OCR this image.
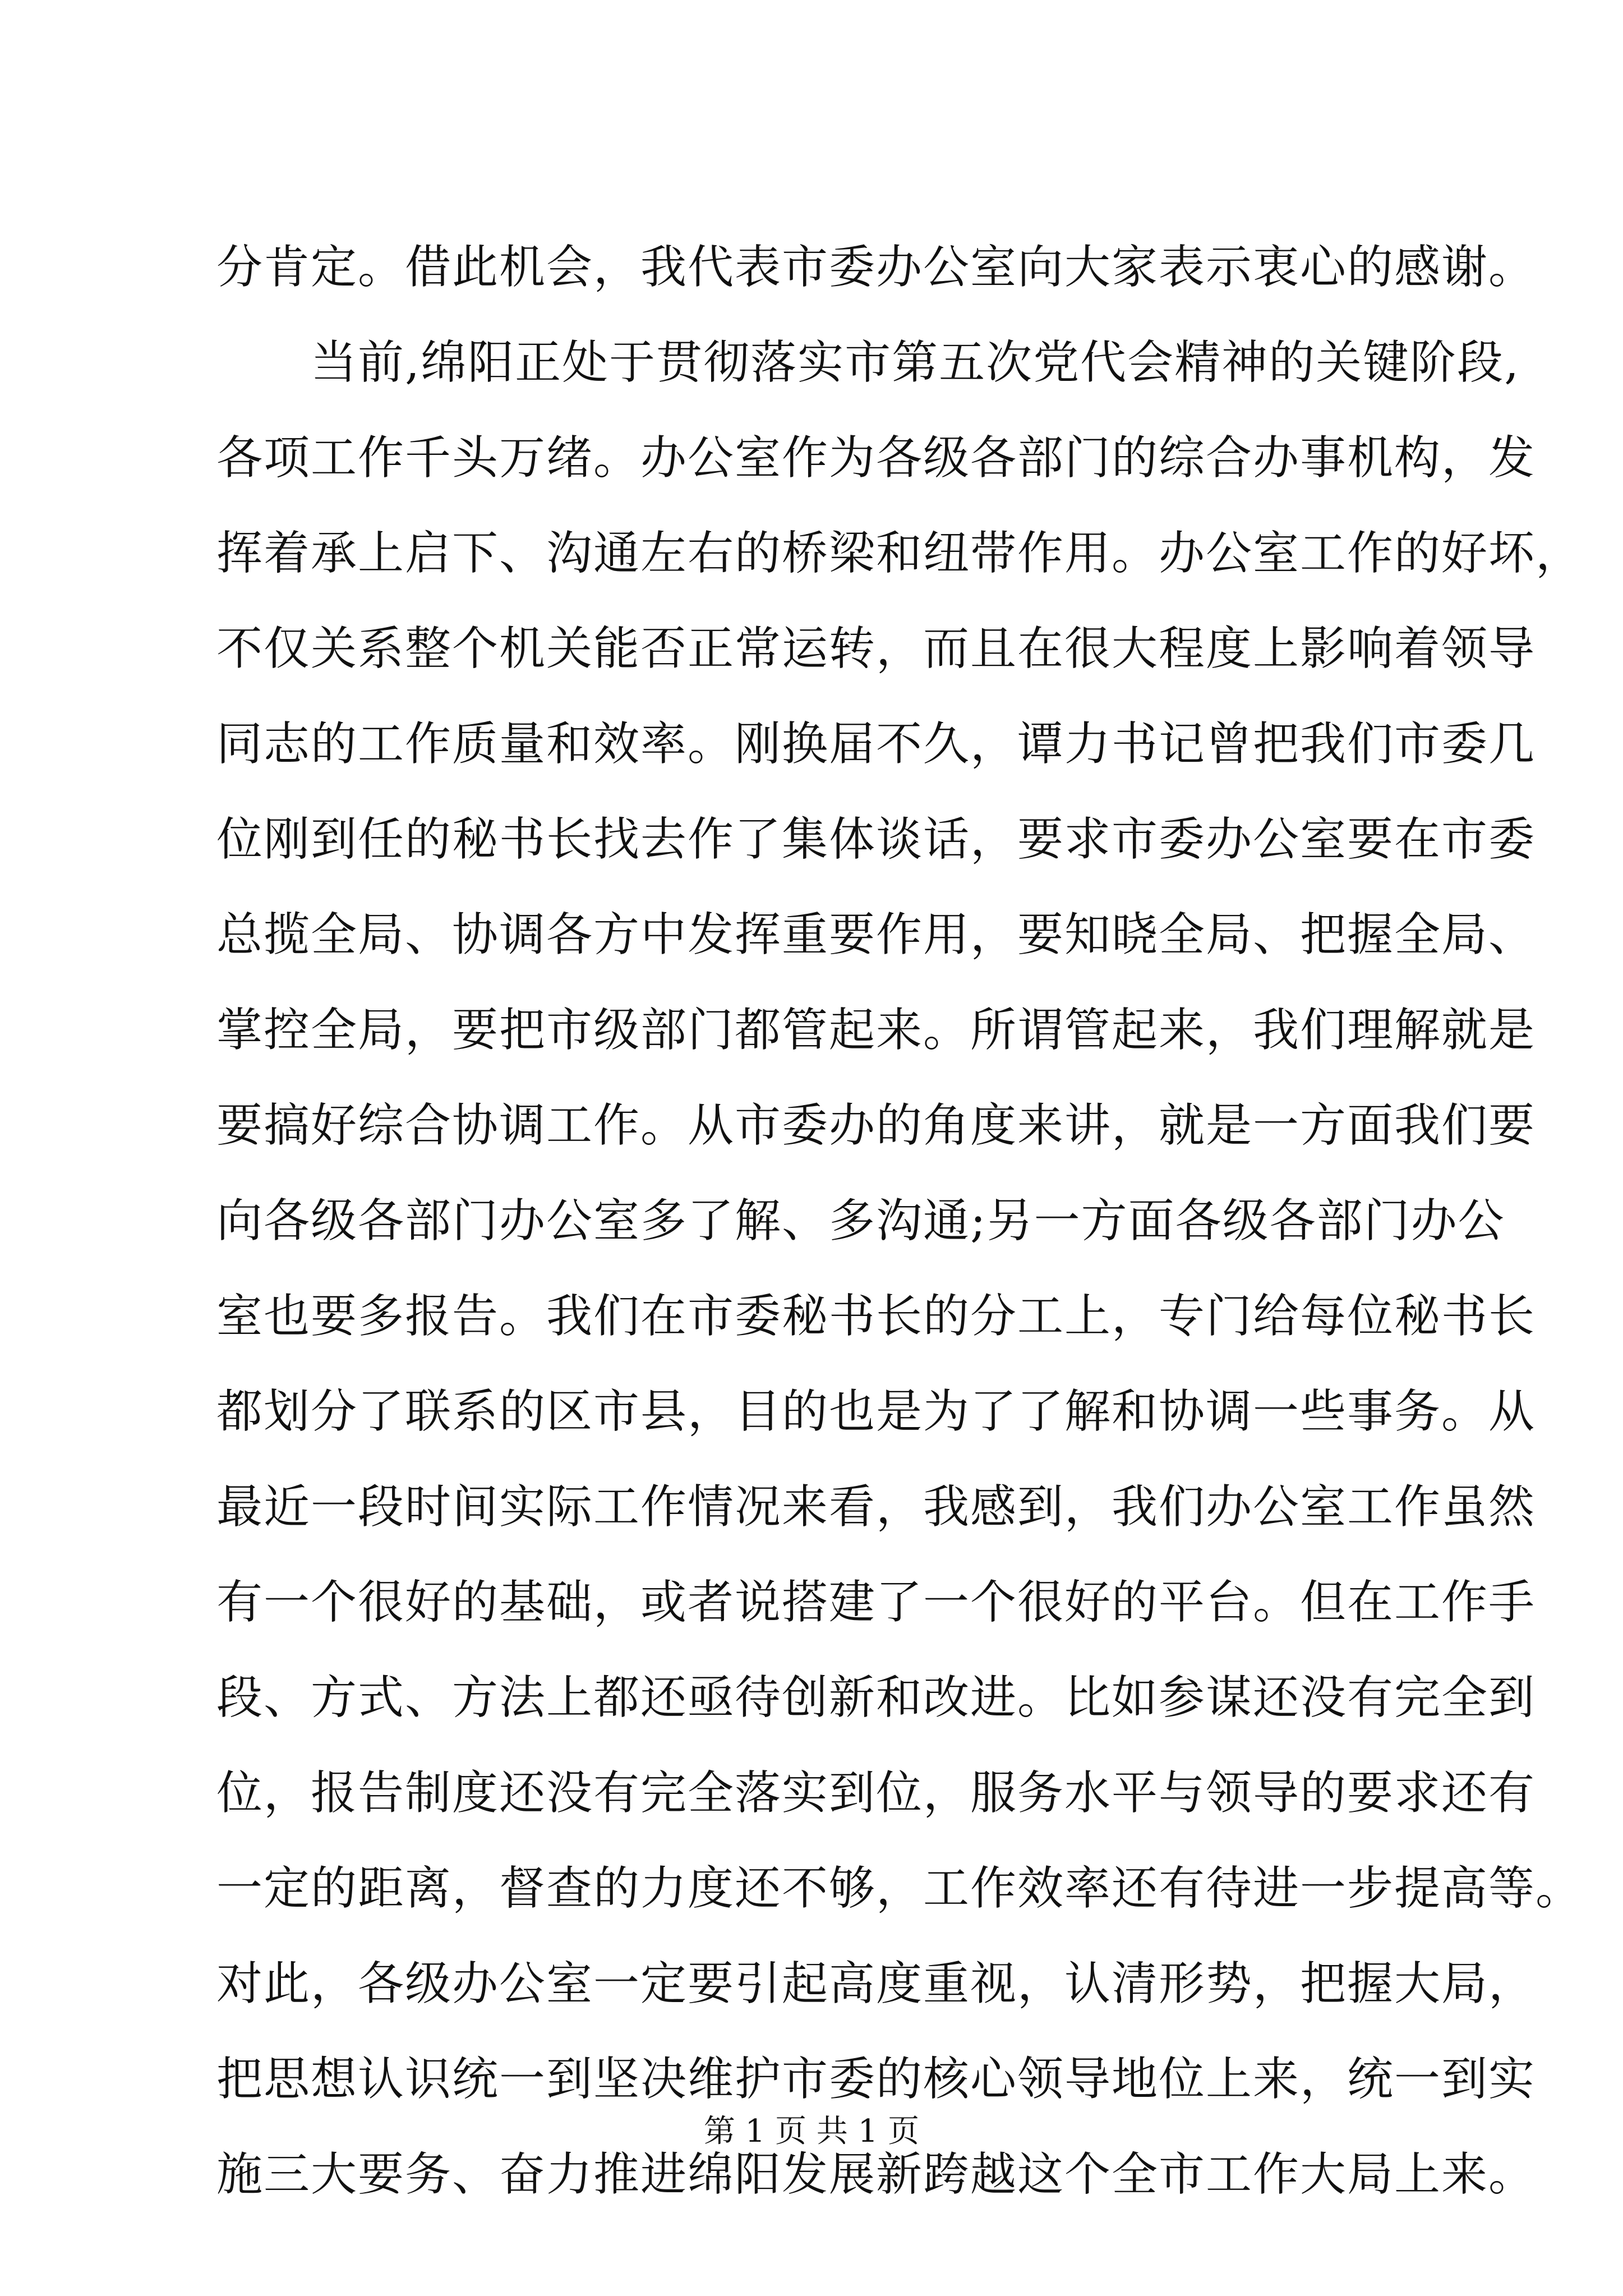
分肯定。借此机会，我代表市委办公室向大家表示衷心的感谢。
当前,绵阳正处于贯彻落实市第五次党代会精神的关键阶段,
各项工作千头万绪。办公室作为各级各部门的综合办事机构，发
挥着承上启下、沟通左右的桥梁和纽带作用。办公室工作的好坏，
不仅关系整个机关能否正常运转，而且在很大程度上影响着领导
同志的工作质量和效率。刚换届不久，谭力书记曾把我们市委几
位刚到任的秘书长找去作了集体谈话，要求市委办公室要在市委
总揽全局、协调各方中发挥重要作用，要知晓全局、把握全局、
掌控全局，要把市级部门都管起来。所谓管起来，我们理解就是
要搞好综合协调工作。从市委办的角度来讲，就是一方面我们要
向各级各部门办公室多了解、多沟通;另一方面各级各部门办公
室也要多报告。我们在市委秘书长的分工上，专门给每位秘书长
都划分了联系的区市县，目的也是为了了解和协调一些事务。从
最近一段时间实际工作情况来看，我感到，我们办公室工作虽然
有一个很好的基础，或者说搭建了一个很好的平台。但在工作手
段、方式、方法上都还亟待创新和改进。比如参谋还没有完全到
位，报告制度还没有完全落实到位，服务水平与领导的要求还有
一定的距离，督查的力度还不够，工作效率还有待进一步提高等。
对此，各级办公室一定要引起高度重视，认清形势，把握大局，
把思想认识统一到坚决维护市委的核心领导地位上来，统一到实
施三大要务、奋力推进绵阳发展新跨越这个全市工作大局上来。
第 1 页 共 1 页
